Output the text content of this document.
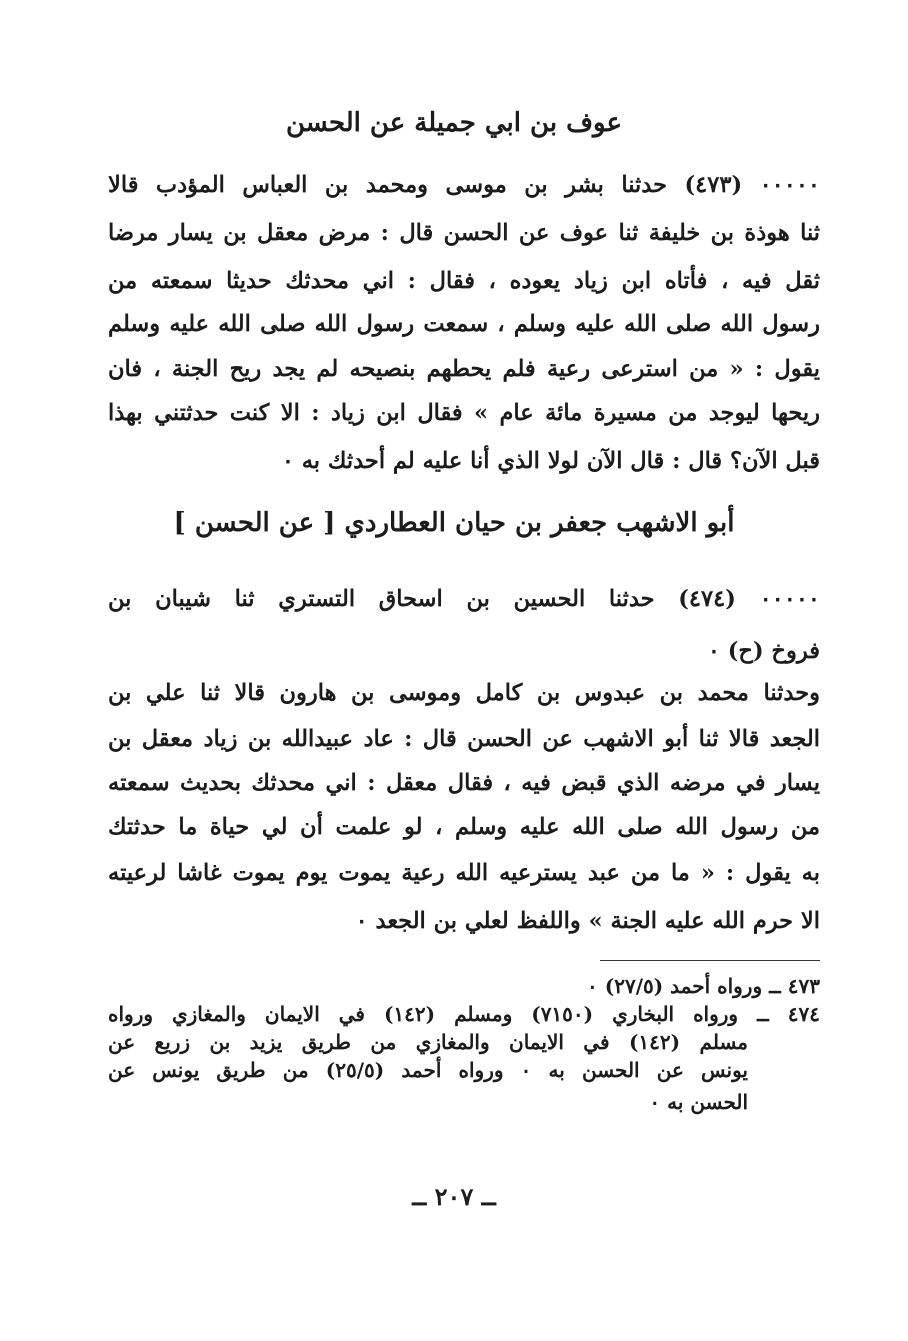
عوف بن ابي جميلة عن الحسن
٠٠٠٠٠ (٤٧٣) حدثنا بشر بن موسى ومحمد بن العباس المؤدب قالا
ثنا هوذة بن خليفة ثنا عوف عن الحسن قال : مرض معقل بن يسار مرضا
ثقل فيه ، فأتاه ابن زياد يعوده ، فقال : اني محدثك حديثا سمعته من
رسول الله صلى الله عليه وسلم ، سمعت رسول الله صلى الله عليه وسلم
يقول : « من استرعى رعية فلم يحطهم بنصيحه لم يجد ريح الجنة ، فان
ريحها ليوجد من مسيرة مائة عام » فقال ابن زياد : الا كنت حدثتني بهذا
قبل الآن؟ قال : قال الآن لولا الذي أنا عليه لم أحدثك به ٠
أبو الاشهب جعفر بن حيان العطاردي [ عن الحسن ]
٠٠٠٠٠ (٤٧٤) حدثنا الحسين بن اسحاق التستري ثنا شيبان بن
فروخ (ح) ٠
وحدثنا محمد بن عبدوس بن كامل وموسى بن هارون قالا ثنا علي بن
الجعد قالا ثنا أبو الاشهب عن الحسن قال : عاد عبيدالله بن زياد معقل بن
يسار في مرضه الذي قبض فيه ، فقال معقل : اني محدثك بحديث سمعته
من رسول الله صلى الله عليه وسلم ، لو علمت أن لي حياة ما حدثتك
به يقول : « ما من عبد يسترعيه الله رعية يموت يوم يموت غاشا لرعيته
الا حرم الله عليه الجنة » واللفظ لعلي بن الجعد ٠
٤٧٣ ــ ورواه أحمد (٢٧/٥) ٠
٤٧٤ ــ ورواه البخاري (٧١٥٠) ومسلم (١٤٢) في الايمان والمغازي ورواه
مسلم (١٤٢) في الايمان والمغازي من طريق يزيد بن زريع عن
يونس عن الحسن به ٠ ورواه أحمد (٢٥/٥) من طريق يونس عن
الحسن به ٠
ــ ٢٠٧ ــ
